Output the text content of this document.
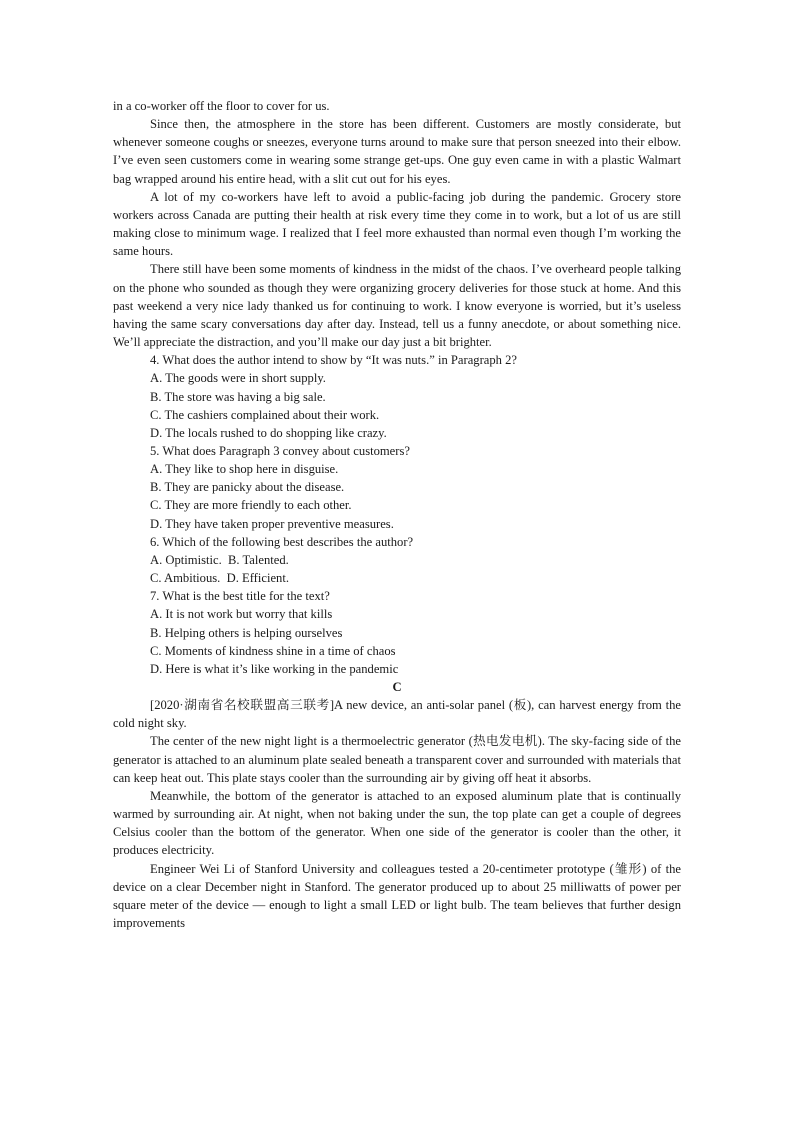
in a co-worker off the floor to cover for us.

Since then, the atmosphere in the store has been different. Customers are mostly considerate, but whenever someone coughs or sneezes, everyone turns around to make sure that person sneezed into their elbow. I’ve even seen customers come in wearing some strange get-ups. One guy even came in with a plastic Walmart bag wrapped around his entire head, with a slit cut out for his eyes.

A lot of my co-workers have left to avoid a public-facing job during the pandemic. Grocery store workers across Canada are putting their health at risk every time they come in to work, but a lot of us are still making close to minimum wage. I realized that I feel more exhausted than normal even though I’m working the same hours.

There still have been some moments of kindness in the midst of the chaos. I’ve overheard people talking on the phone who sounded as though they were organizing grocery deliveries for those stuck at home. And this past weekend a very nice lady thanked us for continuing to work. I know everyone is worried, but it’s useless having the same scary conversations day after day. Instead, tell us a funny anecdote, or about something nice. We’ll appreciate the distraction, and you’ll make our day just a bit brighter.

4. What does the author intend to show by “It was nuts.” in Paragraph 2?

A. The goods were in short supply.

B. The store was having a big sale.

C. The cashiers complained about their work.

D. The locals rushed to do shopping like crazy.

5. What does Paragraph 3 convey about customers?

A. They like to shop here in disguise.

B. They are panicky about the disease.

C. They are more friendly to each other.

D. They have taken proper preventive measures.

6. Which of the following best describes the author?

A. Optimistic.  B. Talented.

C. Ambitious.  D. Efficient.

7. What is the best title for the text?

A. It is not work but worry that kills

B. Helping others is helping ourselves

C. Moments of kindness shine in a time of chaos

D. Here is what it’s like working in the pandemic

C

[2020·湖南省名校联盟高三联考]A new device, an anti-solar panel (板), can harvest energy from the cold night sky.

The center of the new night light is a thermoelectric generator (热电发电机). The sky-facing side of the generator is attached to an aluminum plate sealed beneath a transparent cover and surrounded with materials that can keep heat out. This plate stays cooler than the surrounding air by giving off heat it absorbs.

Meanwhile, the bottom of the generator is attached to an exposed aluminum plate that is continually warmed by surrounding air. At night, when not baking under the sun, the top plate can get a couple of degrees Celsius cooler than the bottom of the generator. When one side of the generator is cooler than the other, it produces electricity.

Engineer Wei Li of Stanford University and colleagues tested a 20-centimeter prototype (雏形) of the device on a clear December night in Stanford. The generator produced up to about 25 milliwatts of power per square meter of the device — enough to light a small LED or light bulb. The team believes that further design improvements
